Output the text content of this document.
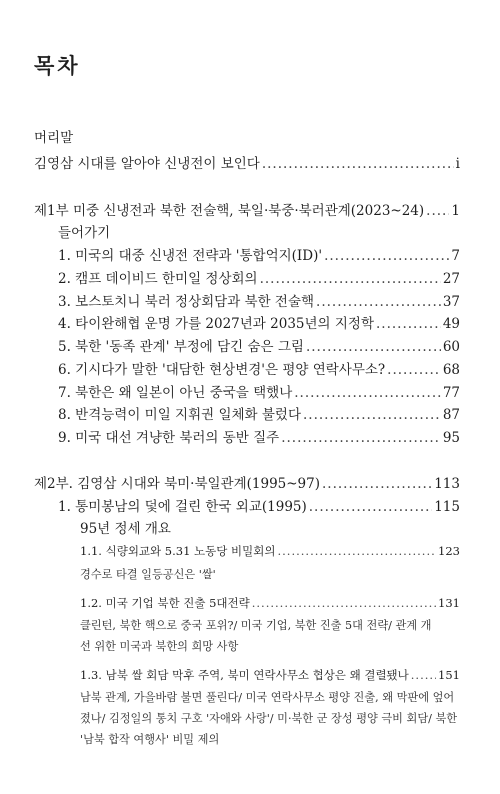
목차
머리말
김영삼 시대를 알아야 신냉전이 보인다 .....	i
제1부 미중 신냉전과 북한 전술핵, 북일·북중·북러관계(2023~24) ..... 1
들어가기
1. 미국의 대중 신냉전 전략과 '통합억지(ID)' .....	7
2. 캠프 데이비드 한미일 정상회의 .....	27
3. 보스토치니 북러 정상회담과 북한 전술핵 .....	37
4. 타이완해협 운명 가를 2027년과 2035년의 지정학 .....	49
5. 북한 '동족 관계' 부정에 담긴 숨은 그림 .....	60
6. 기시다가 말한 '대담한 현상변경'은 평양 연락사무소? .....	68
7. 북한은 왜 일본이 아닌 중국을 택했나 .....	77
8. 반격능력이 미일 지휘권 일체화 불렀다 .....	87
9. 미국 대선 겨냥한 북러의 동반 질주 .....	95
제2부. 김영삼 시대와 북미·북일관계(1995~97) .....	113
1. 통미봉남의 덫에 걸린 한국 외교(1995) .....	115
95년 정세 개요
1.1. 식량외교와 5.31 노동당 비밀회의 .....	123
경수로 타결 일등공신은 '쌀'
1.2. 미국 기업 북한 진출 5대전략 .....	131
클린턴, 북한 핵으로 중국 포위?/ 미국 기업, 북한 진출 5대 전략/ 관계 개
선 위한 미국과 북한의 희망 사항
1.3. 남북 쌀 회담 막후 주역, 북미 연락사무소 협상은 왜 결렬됐나 .....	151
남북 관계, 가을바람 불면 풀린다/ 미국 연락사무소 평양 진출, 왜 막판에 엎어
졌나/ 김정일의 통치 구호 '자애와 사랑'/ 미·북한 군 장성 평양 극비 회담/ 북한
'남북 합작 여행사' 비밀 제의
